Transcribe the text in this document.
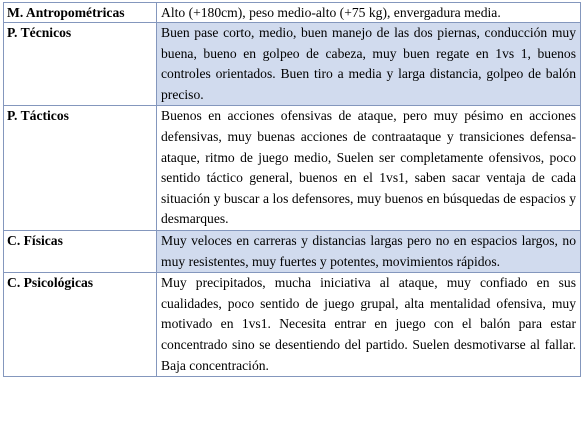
M. Antropométricas	Alto (+180cm), peso medio-alto (+75 kg), envergadura media.
P. Técnicos	Buen pase corto, medio, buen manejo de las dos piernas, conducción muy buena, bueno en golpeo de cabeza, muy buen regate en 1vs 1, buenos controles orientados. Buen tiro a media y larga distancia, golpeo de balón preciso.
P. Tácticos	Buenos en acciones ofensivas de ataque, pero muy pésimo en acciones defensivas, muy buenas acciones de contraataque y transiciones defensa-ataque, ritmo de juego medio, Suelen ser completamente ofensivos, poco sentido táctico general, buenos en el 1vs1, saben sacar ventaja de cada situación y buscar a los defensores, muy buenos en búsquedas de espacios y desmarques.
C. Físicas	Muy veloces en carreras y distancias largas pero no en espacios largos, no muy resistentes, muy fuertes y potentes, movimientos rápidos.
C. Psicológicas	Muy precipitados, mucha iniciativa al ataque, muy confiado en sus cualidades, poco sentido de juego grupal, alta mentalidad ofensiva, muy motivado en 1vs1. Necesita entrar en juego con el balón para estar concentrado sino se desentiendo del partido. Suelen desmotivarse al fallar. Baja concentración.
